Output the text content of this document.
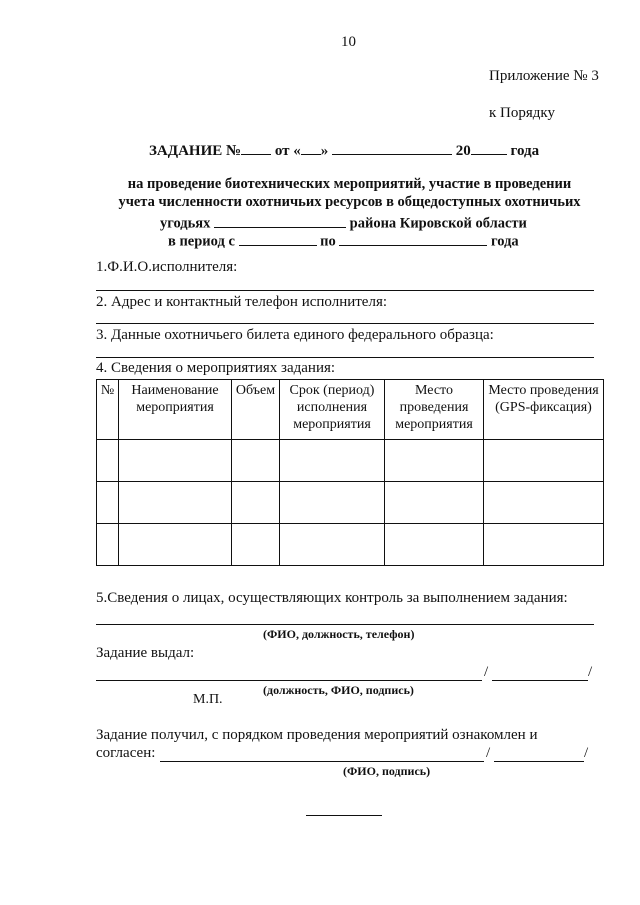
10
Приложение № 3
к Порядку
ЗАДАНИЕ № от « »	20	года
на проведение биотехнических мероприятий, участие в проведении
учета численности охотничьих ресурсов в общедоступных охотничьих
угодьях	района Кировской области
в период с	по	года
1.Ф.И.О.исполнителя:
2. Адрес и контактный телефон исполнителя:
3. Данные охотничьего билета единого федерального образца:
4. Сведения о мероприятиях задания:
№	Наименование мероприятия	Объем	Срок (период) исполнения мероприятия	Место проведения мероприятия	Место проведения (GPS-фиксация)

5.Сведения о лицах, осуществляющих контроль за выполнением задания:
(ФИО, должность, телефон)
Задание выдал:
/	/
(должность, ФИО, подпись)
М.П.
Задание получил, с порядком проведения мероприятий ознакомлен и
согласен:	/	/
(ФИО, подпись)
